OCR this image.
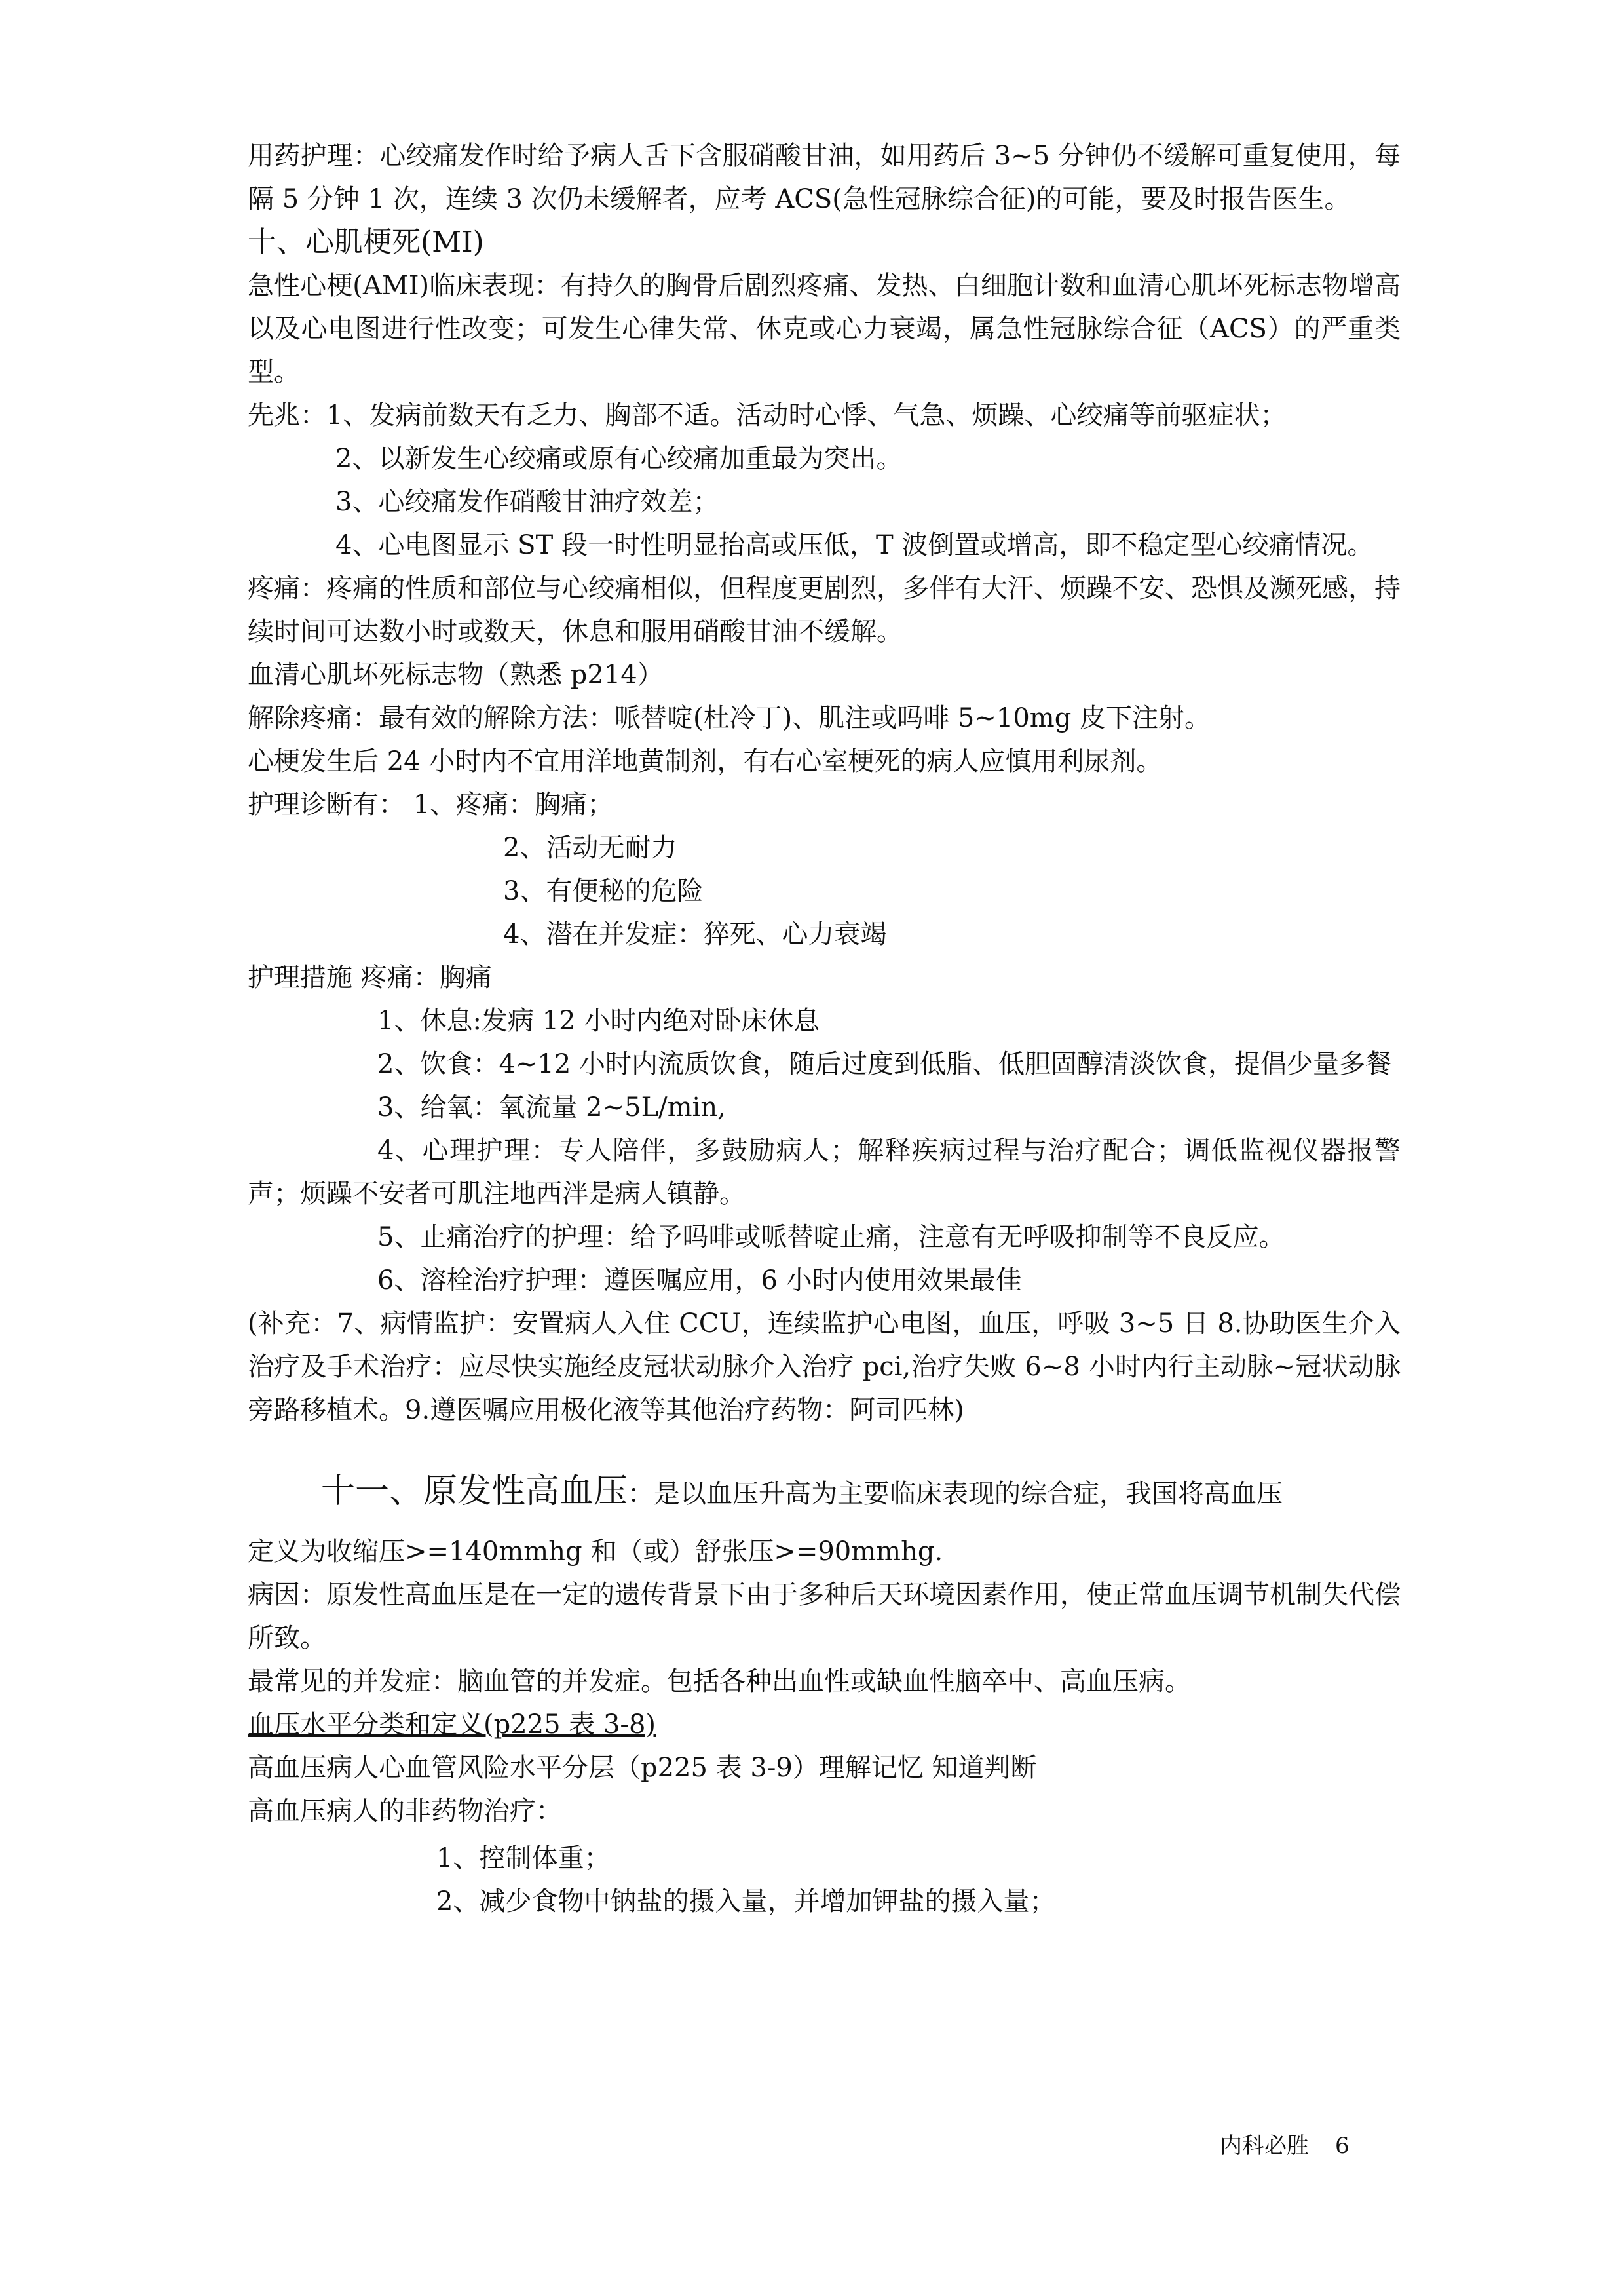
用药护理：心绞痛发作时给予病人舌下含服硝酸甘油，如用药后 3~5 分钟仍不缓解可重复使用，每隔 5 分钟 1 次，连续 3 次仍未缓解者，应考 ACS(急性冠脉综合征)的可能，要及时报告医生。

十、心肌梗死(MI)

急性心梗(AMI)临床表现：有持久的胸骨后剧烈疼痛、发热、白细胞计数和血清心肌坏死标志物增高以及心电图进行性改变；可发生心律失常、休克或心力衰竭，属急性冠脉综合征（ACS）的严重类型。

先兆：1、发病前数天有乏力、胸部不适。活动时心悸、气急、烦躁、心绞痛等前驱症状；

2、以新发生心绞痛或原有心绞痛加重最为突出。

3、心绞痛发作硝酸甘油疗效差；

4、心电图显示 ST 段一时性明显抬高或压低，T 波倒置或增高，即不稳定型心绞痛情况。

疼痛：疼痛的性质和部位与心绞痛相似，但程度更剧烈，多伴有大汗、烦躁不安、恐惧及濒死感，持续时间可达数小时或数天，休息和服用硝酸甘油不缓解。

血清心肌坏死标志物（熟悉 p214）

解除疼痛：最有效的解除方法：哌替啶(杜冷丁)、肌注或吗啡 5~10mg 皮下注射。

心梗发生后 24 小时内不宜用洋地黄制剂，有右心室梗死的病人应慎用利尿剂。

护理诊断有： 1、疼痛：胸痛；

2、活动无耐力

3、有便秘的危险

4、潜在并发症：猝死、心力衰竭

护理措施 疼痛：胸痛

1、休息:发病 12 小时内绝对卧床休息

2、饮食：4~12 小时内流质饮食，随后过度到低脂、低胆固醇清淡饮食，提倡少量多餐

3、给氧：氧流量 2~5L/min,

4、心理护理：专人陪伴，多鼓励病人；解释疾病过程与治疗配合；调低监视仪器报警声；烦躁不安者可肌注地西泮是病人镇静。

5、止痛治疗的护理：给予吗啡或哌替啶止痛，注意有无呼吸抑制等不良反应。

6、溶栓治疗护理：遵医嘱应用，6 小时内使用效果最佳

(补充：7、病情监护：安置病人入住 CCU，连续监护心电图，血压，呼吸 3~5 日 8.协助医生介入治疗及手术治疗：应尽快实施经皮冠状动脉介入治疗 pci,治疗失败 6~8 小时内行主动脉~冠状动脉旁路移植术。9.遵医嘱应用极化液等其他治疗药物：阿司匹林)

十一、原发性高血压：是以血压升高为主要临床表现的综合症，我国将高血压

定义为收缩压>=140mmhg 和（或）舒张压>=90mmhg.

病因：原发性高血压是在一定的遗传背景下由于多种后天环境因素作用，使正常血压调节机制失代偿所致。

最常见的并发症：脑血管的并发症。包括各种出血性或缺血性脑卒中、高血压病。

血压水平分类和定义(p225 表 3-8)

高血压病人心血管风险水平分层（p225 表 3-9）理解记忆 知道判断

高血压病人的非药物治疗：

1、控制体重；

2、减少食物中钠盐的摄入量，并增加钾盐的摄入量；

内科必胜 6
